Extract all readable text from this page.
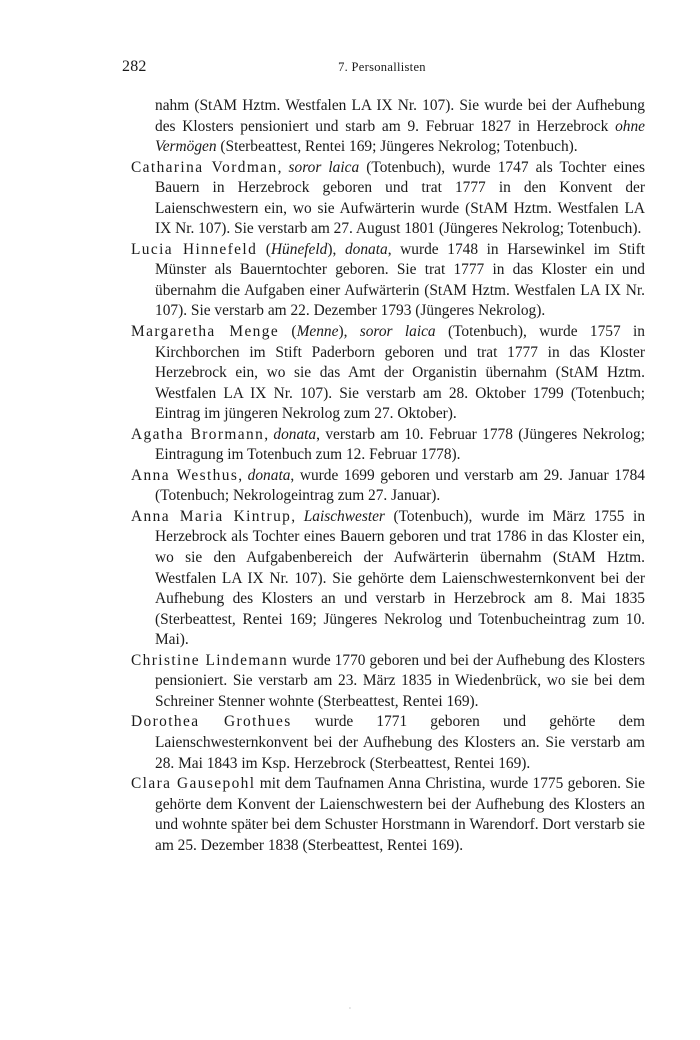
282	7. Personallisten

nahm (StAM Hztm. Westfalen LA IX Nr. 107). Sie wurde bei der Aufhebung des Klosters pensioniert und starb am 9. Februar 1827 in Herzebrock ohne Vermögen (Sterbeattest, Rentei 169; Jüngeres Nekrolog; Totenbuch).

Catharina Vordman, soror laica (Totenbuch), wurde 1747 als Tochter eines Bauern in Herzebrock geboren und trat 1777 in den Konvent der Laienschwestern ein, wo sie Aufwärterin wurde (StAM Hztm. Westfalen LA IX Nr. 107). Sie verstarb am 27. August 1801 (Jüngeres Nekrolog; Totenbuch).

Lucia Hinnefeld (Hünefeld), donata, wurde 1748 in Harsewinkel im Stift Münster als Bauerntochter geboren. Sie trat 1777 in das Kloster ein und übernahm die Aufgaben einer Aufwärterin (StAM Hztm. Westfalen LA IX Nr. 107). Sie verstarb am 22. Dezember 1793 (Jüngeres Nekrolog).

Margaretha Menge (Menne), soror laica (Totenbuch), wurde 1757 in Kirchborchen im Stift Paderborn geboren und trat 1777 in das Kloster Herzebrock ein, wo sie das Amt der Organistin übernahm (StAM Hztm. Westfalen LA IX Nr. 107). Sie verstarb am 28. Oktober 1799 (Totenbuch; Eintrag im jüngeren Nekrolog zum 27. Oktober).

Agatha Brormann, donata, verstarb am 10. Februar 1778 (Jüngeres Nekrolog; Eintragung im Totenbuch zum 12. Februar 1778).

Anna Westhus, donata, wurde 1699 geboren und verstarb am 29. Januar 1784 (Totenbuch; Nekrologeintrag zum 27. Januar).

Anna Maria Kintrup, Laischwester (Totenbuch), wurde im März 1755 in Herzebrock als Tochter eines Bauern geboren und trat 1786 in das Kloster ein, wo sie den Aufgabenbereich der Aufwärterin übernahm (StAM Hztm. Westfalen LA IX Nr. 107). Sie gehörte dem Laienschwesternkonvent bei der Aufhebung des Klosters an und verstarb in Herzebrock am 8. Mai 1835 (Sterbeattest, Rentei 169; Jüngeres Nekrolog und Totenbucheintrag zum 10. Mai).

Christine Lindemann wurde 1770 geboren und bei der Aufhebung des Klosters pensioniert. Sie verstarb am 23. März 1835 in Wiedenbrück, wo sie bei dem Schreiner Stenner wohnte (Sterbeattest, Rentei 169).

Dorothea Grothues wurde 1771 geboren und gehörte dem Laienschwesternkonvent bei der Aufhebung des Klosters an. Sie verstarb am 28. Mai 1843 im Ksp. Herzebrock (Sterbeattest, Rentei 169).

Clara Gausepohl mit dem Taufnamen Anna Christina, wurde 1775 geboren. Sie gehörte dem Konvent der Laienschwestern bei der Aufhebung des Klosters an und wohnte später bei dem Schuster Horstmann in Warendorf. Dort verstarb sie am 25. Dezember 1838 (Sterbeattest, Rentei 169).

·
